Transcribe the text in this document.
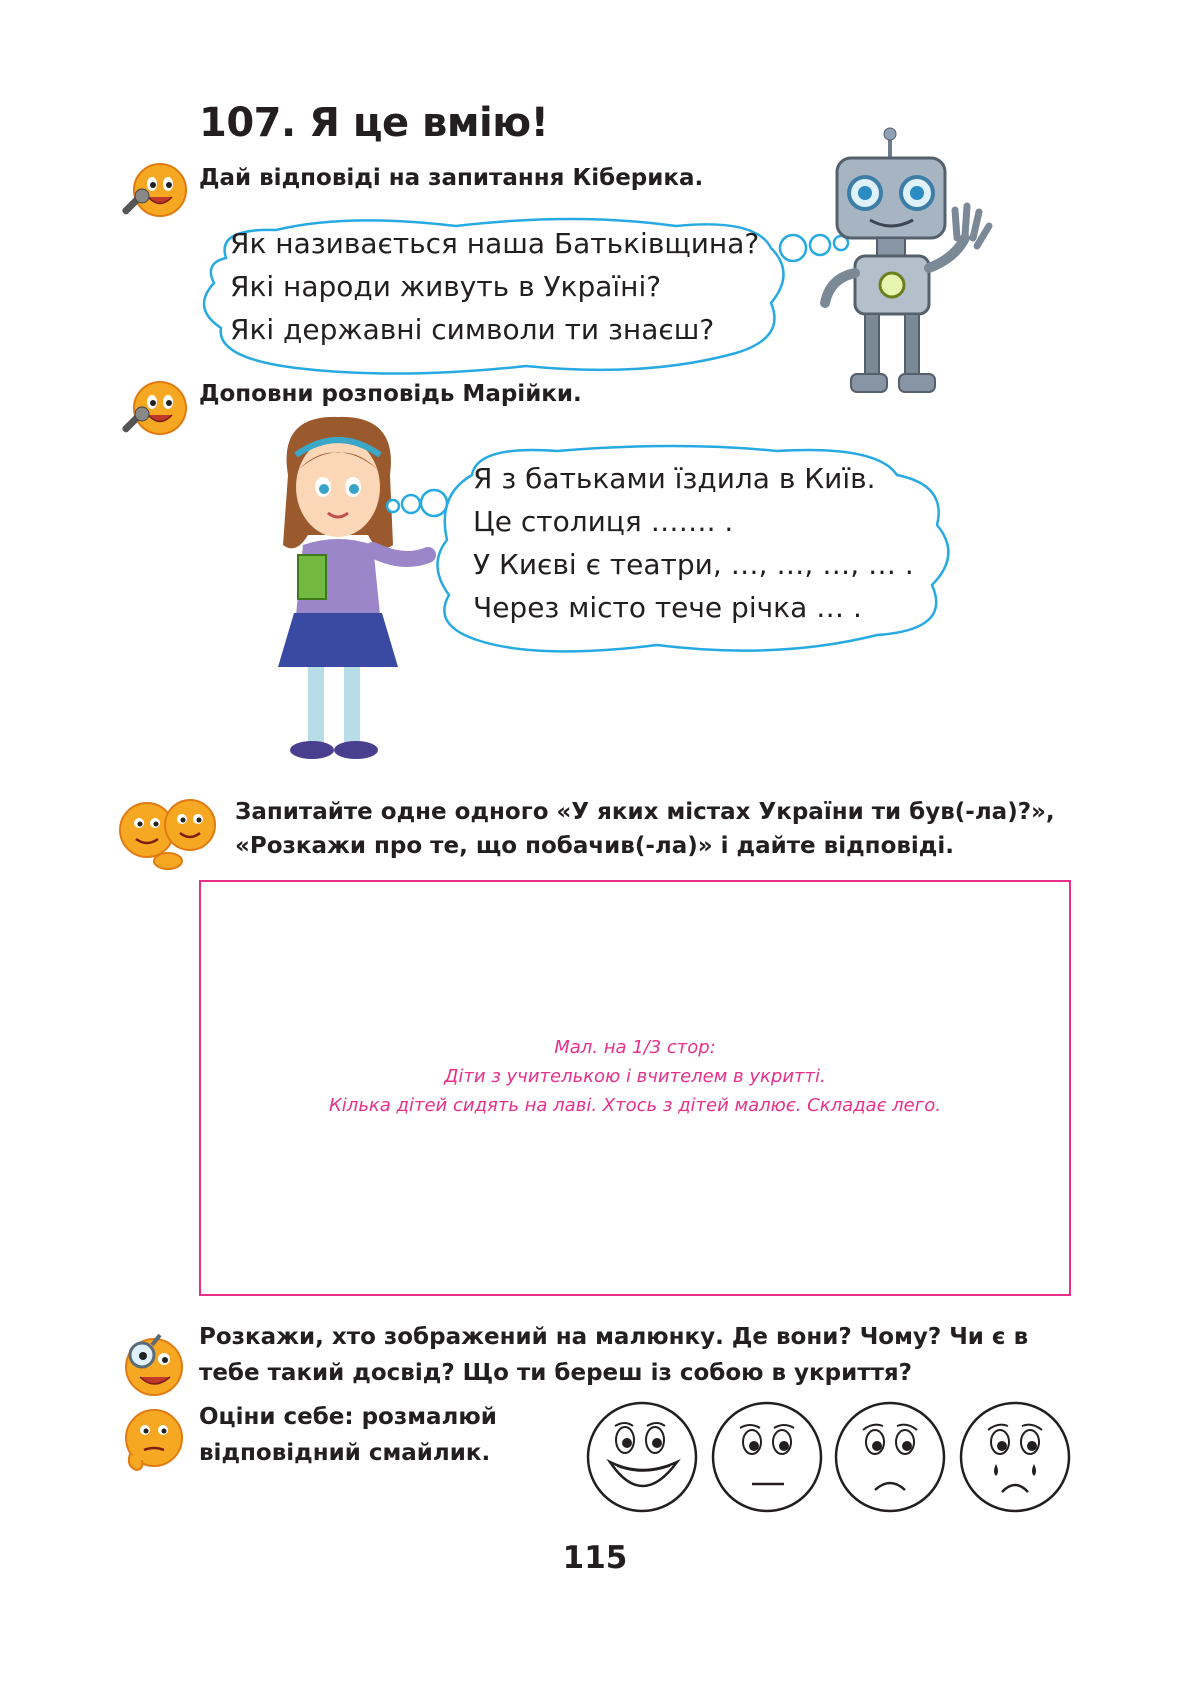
107. Я це вмію!
Дай відповіді на запитання Кіберика.
Як називається наша Батьківщина?
Які народи живуть в Україні?
Які державні символи ти знаєш?
Доповни розповідь Марійки.
Я з батьками їздила в Київ.
Це столиця ……. .
У Києві є театри, …, …, …, … .
Через місто тече річка … .
Запитайте одне одного «У яких містах України ти був(-ла)?»,
«Розкажи про те, що побачив(-ла)» і дайте відповіді.
Мал. на 1/3 стор:
Діти з учителькою і вчителем в укритті.
Кілька дітей сидять на лаві. Хтось з дітей малює. Складає лего.
Розкажи, хто зображений на малюнку. Де вони? Чому? Чи є в
тебе такий досвід? Що ти береш із собою в укриття?
Оціни себе: розмалюй
відповідний смайлик.
115
